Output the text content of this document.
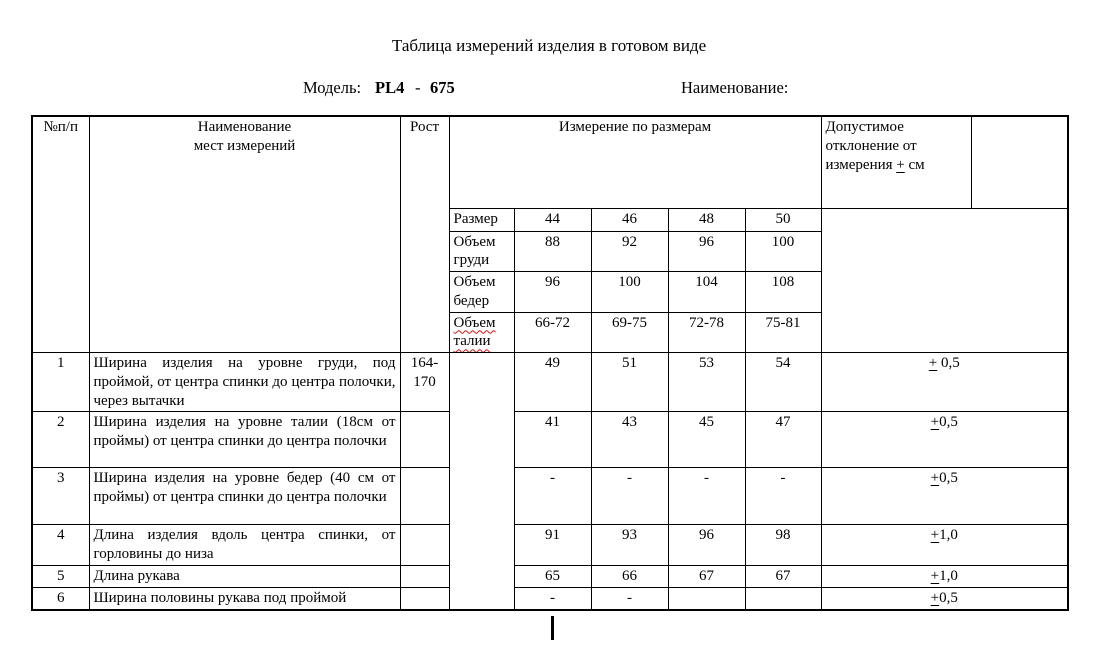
Таблица измерений изделия в готовом виде
Модель: PL4 - 675	Наименование:
№п/п	Наименование
мест измерений	Рост	Измерение по размерам					Допустимое отклонение от измерения + см
			Размер	44	46	48	50	
			Объем груди	88	92	96	100	
			Объем бедер	96	100	104	108	
			Объем талии	66-72	69-75	72-78	75-81	
1	Ширина изделия на уровне груди, под проймой, от центра спинки до центра полочки, через вытачки	164-170		49	51	53	54	+ 0,5
2	Ширина изделия на уровне талии (18см от проймы) от центра спинки до центра полочки			41	43	45	47	+0,5
3	Ширина изделия на уровне бедер (40 см от проймы) от центра спинки до центра полочки			-	-	-	-	+0,5
4	Длина изделия вдоль центра спинки, от горловины до низа			91	93	96	98	+1,0
5	Длина рукава			65	66	67	67	+1,0
6	Ширина половины рукава под проймой			-	-			+0,5
